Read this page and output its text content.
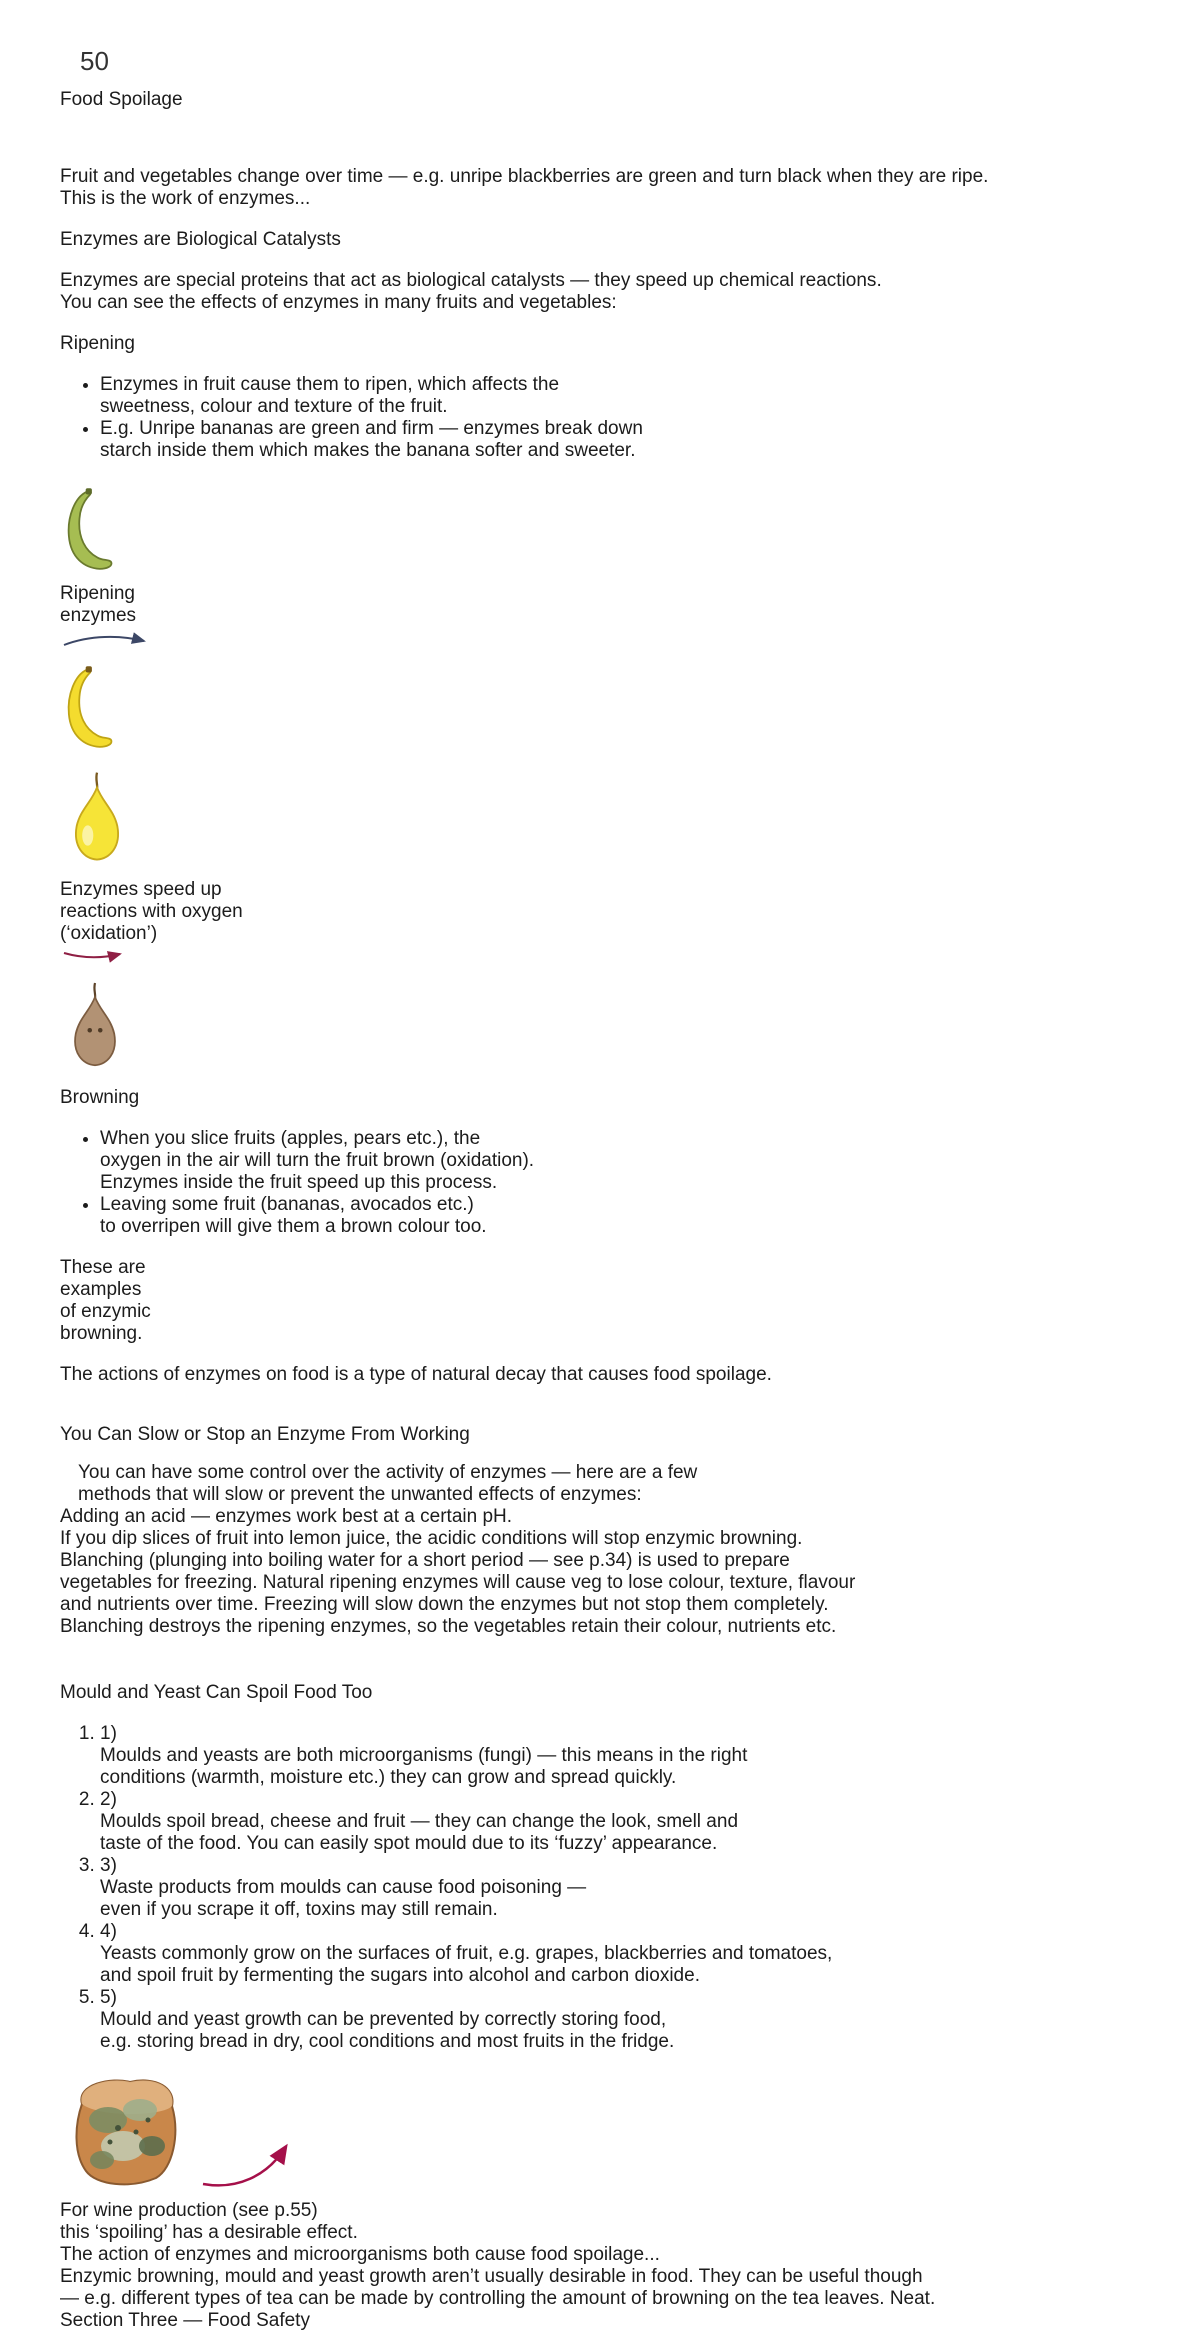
50
Food Spoilage

Fruit and vegetables change over time — e.g. unripe blackberries are green and turn black when they are ripe.
This is the work of enzymes...

Enzymes are Biological Catalysts

Enzymes are special proteins that act as biological catalysts — they speed up chemical reactions.
You can see the effects of enzymes in many fruits and vegetables:

Ripening
• Enzymes in fruit cause them to ripen, which affects the
sweetness, colour and texture of the fruit.
• E.g. Unripe bananas are green and firm — enzymes break down
starch inside them which makes the banana softer and sweeter.
Ripening
enzymes
Enzymes speed up
reactions with oxygen
(‘oxidation’)
Browning
• When you slice fruits (apples, pears etc.), the
oxygen in the air will turn the fruit brown (oxidation).
Enzymes inside the fruit speed up this process.
• Leaving some fruit (bananas, avocados etc.)
to overripen will give them a brown colour too.
These are
examples
of enzymic
browning.

The actions of enzymes on food is a type of natural decay that causes food spoilage.

You Can Slow or Stop an Enzyme From Working

You can have some control over the activity of enzymes — here are a few
methods that will slow or prevent the unwanted effects of enzymes:

Adding an acid — enzymes work best at a certain pH.
If you dip slices of fruit into lemon juice, the acidic conditions will stop enzymic browning.
Blanching (plunging into boiling water for a short period — see p.34) is used to prepare
vegetables for freezing. Natural ripening enzymes will cause veg to lose colour, texture, flavour
and nutrients over time. Freezing will slow down the enzymes but not stop them completely.
Blanching destroys the ripening enzymes, so the vegetables retain their colour, nutrients etc.
Mould and Yeast Can Spoil Food Too
1. 1)
Moulds and yeasts are both microorganisms (fungi) — this means in the right
conditions (warmth, moisture etc.) they can grow and spread quickly.
2. 2)
Moulds spoil bread, cheese and fruit — they can change the look, smell and
taste of the food. You can easily spot mould due to its ‘fuzzy’ appearance.
3. 3)
Waste products from moulds can cause food poisoning —
even if you scrape it off, toxins may still remain.
4. 4)
Yeasts commonly grow on the surfaces of fruit, e.g. grapes, blackberries and tomatoes,
and spoil fruit by fermenting the sugars into alcohol and carbon dioxide.
5. 5)
Mould and yeast growth can be prevented by correctly storing food,
e.g. storing bread in dry, cool conditions and most fruits in the fridge.

For wine production (see p.55)
this ‘spoiling’ has a desirable effect.
The action of enzymes and microorganisms both cause food spoilage...
Enzymic browning, mould and yeast growth aren’t usually desirable in food. They can be useful though
— e.g. different types of tea can be made by controlling the amount of browning on the tea leaves. Neat.
Section Three — Food Safety
